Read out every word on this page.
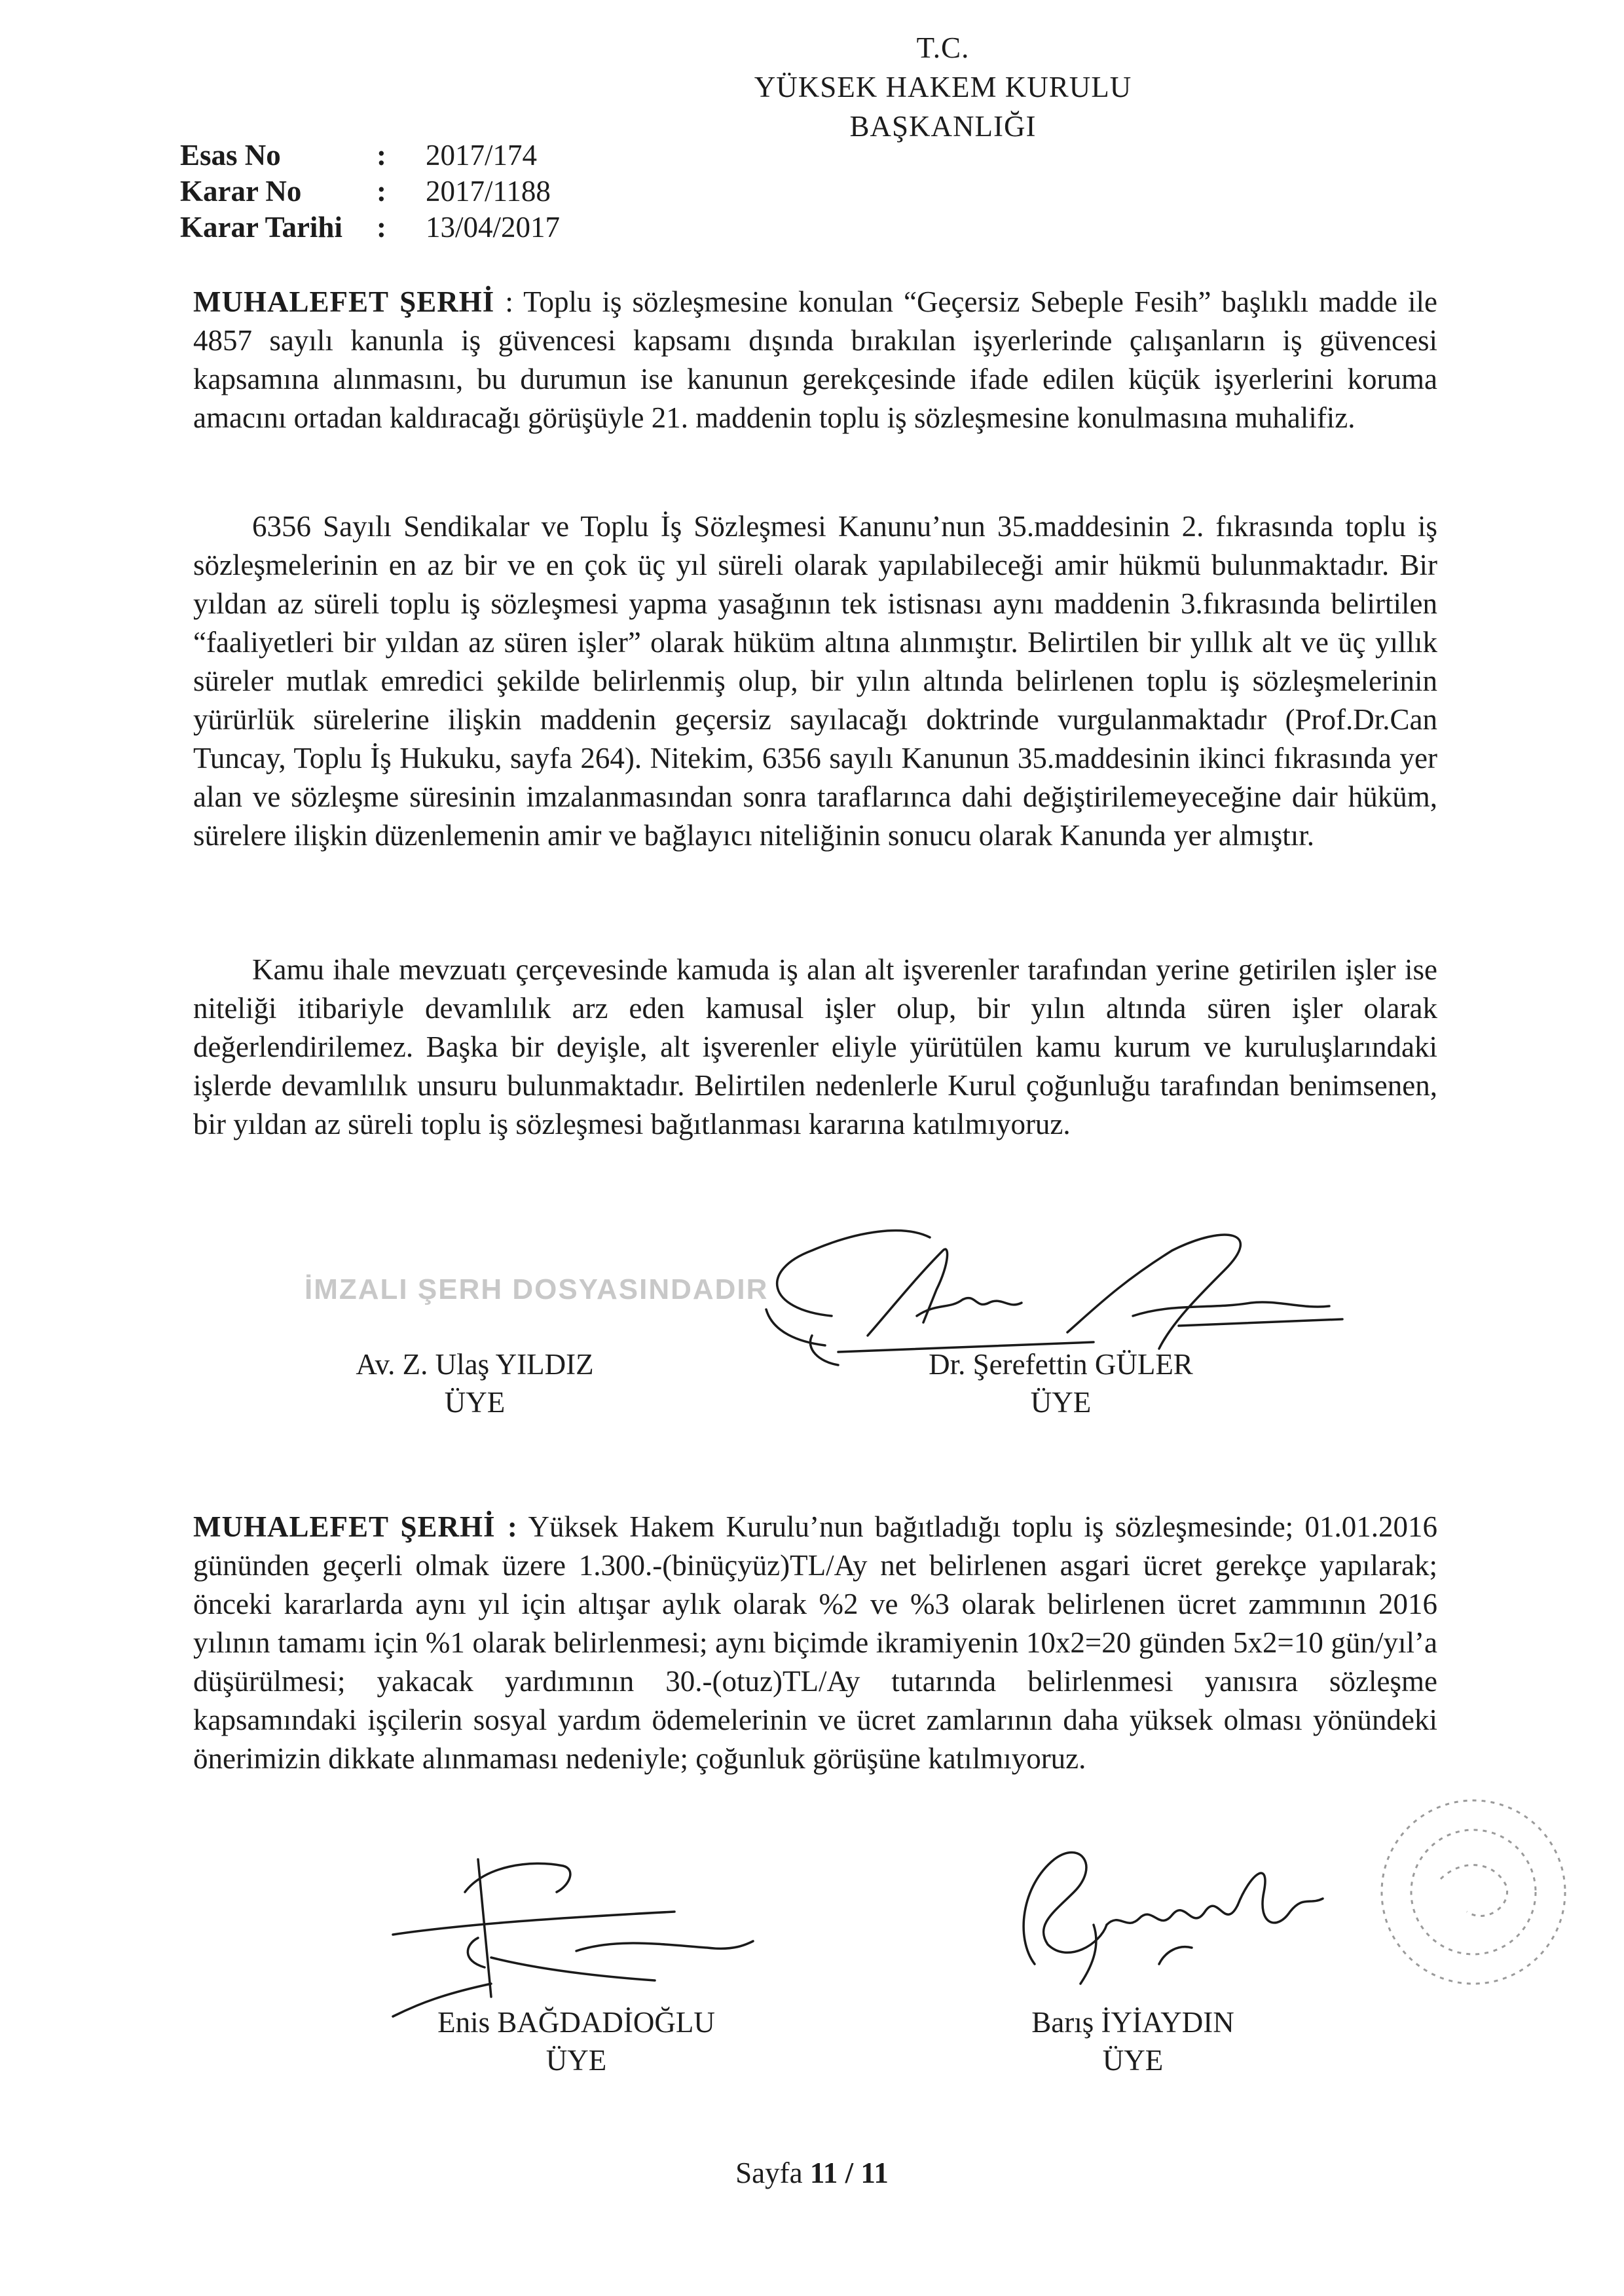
T.C.
YÜKSEK HAKEM KURULU
BAŞKANLIĞI
Esas No	: 2017/174
Karar No	: 2017/1188
Karar Tarihi : 13/04/2017
MUHALEFET ŞERHİ : Toplu iş sözleşmesine konulan “Geçersiz Sebeple Fesih” başlıklı madde ile 4857 sayılı kanunla iş güvencesi kapsamı dışında bırakılan işyerlerinde çalışanların iş güvencesi kapsamına alınmasını, bu durumun ise kanunun gerekçesinde ifade edilen küçük işyerlerini koruma amacını ortadan kaldıracağı görüşüyle 21. maddenin toplu iş sözleşmesine konulmasına muhalifiz.
6356 Sayılı Sendikalar ve Toplu İş Sözleşmesi Kanunu’nun 35.maddesinin 2. fıkrasında toplu iş sözleşmelerinin en az bir ve en çok üç yıl süreli olarak yapılabileceği amir hükmü bulunmaktadır. Bir yıldan az süreli toplu iş sözleşmesi yapma yasağının tek istisnası aynı maddenin 3.fıkrasında belirtilen “faaliyetleri bir yıldan az süren işler” olarak hüküm altına alınmıştır. Belirtilen bir yıllık alt ve üç yıllık süreler mutlak emredici şekilde belirlenmiş olup, bir yılın altında belirlenen toplu iş sözleşmelerinin yürürlük sürelerine ilişkin maddenin geçersiz sayılacağı doktrinde vurgulanmaktadır (Prof.Dr.Can Tuncay, Toplu İş Hukuku, sayfa 264). Nitekim, 6356 sayılı Kanunun 35.maddesinin ikinci fıkrasında yer alan ve sözleşme süresinin imzalanmasından sonra taraflarınca dahi değiştirilemeyeceğine dair hüküm, sürelere ilişkin düzenlemenin amir ve bağlayıcı niteliğinin sonucu olarak Kanunda yer almıştır.
Kamu ihale mevzuatı çerçevesinde kamuda iş alan alt işverenler tarafından yerine getirilen işler ise niteliği itibariyle devamlılık arz eden kamusal işler olup, bir yılın altında süren işler olarak değerlendirilemez. Başka bir deyişle, alt işverenler eliyle yürütülen kamu kurum ve kuruluşlarındaki işlerde devamlılık unsuru bulunmaktadır. Belirtilen nedenlerle Kurul çoğunluğu tarafından benimsenen, bir yıldan az süreli toplu iş sözleşmesi bağıtlanması kararına katılmıyoruz.
İMZALI ŞERH DOSYASINDADIR
Av. Z. Ulaş YILDIZ
ÜYE
Dr. Şerefettin GÜLER
ÜYE
MUHALEFET ŞERHİ : Yüksek Hakem Kurulu’nun bağıtladığı toplu iş sözleşmesinde; 01.01.2016 gününden geçerli olmak üzere 1.300.-(binüçyüz)TL/Ay net belirlenen asgari ücret gerekçe yapılarak; önceki kararlarda aynı yıl için altışar aylık olarak %2 ve %3 olarak belirlenen ücret zammının 2016 yılının tamamı için %1 olarak belirlenmesi; aynı biçimde ikramiyenin 10x2=20 günden 5x2=10 gün/yıl’a düşürülmesi; yakacak yardımının 30.-(otuz)TL/Ay tutarında belirlenmesi yanısıra sözleşme kapsamındaki işçilerin sosyal yardım ödemelerinin ve ücret zamlarının daha yüksek olması yönündeki önerimizin dikkate alınmaması nedeniyle; çoğunluk görüşüne katılmıyoruz.
Enis BAĞDADİOĞLU
ÜYE
Barış İYİAYDIN
ÜYE
Sayfa 11 / 11
